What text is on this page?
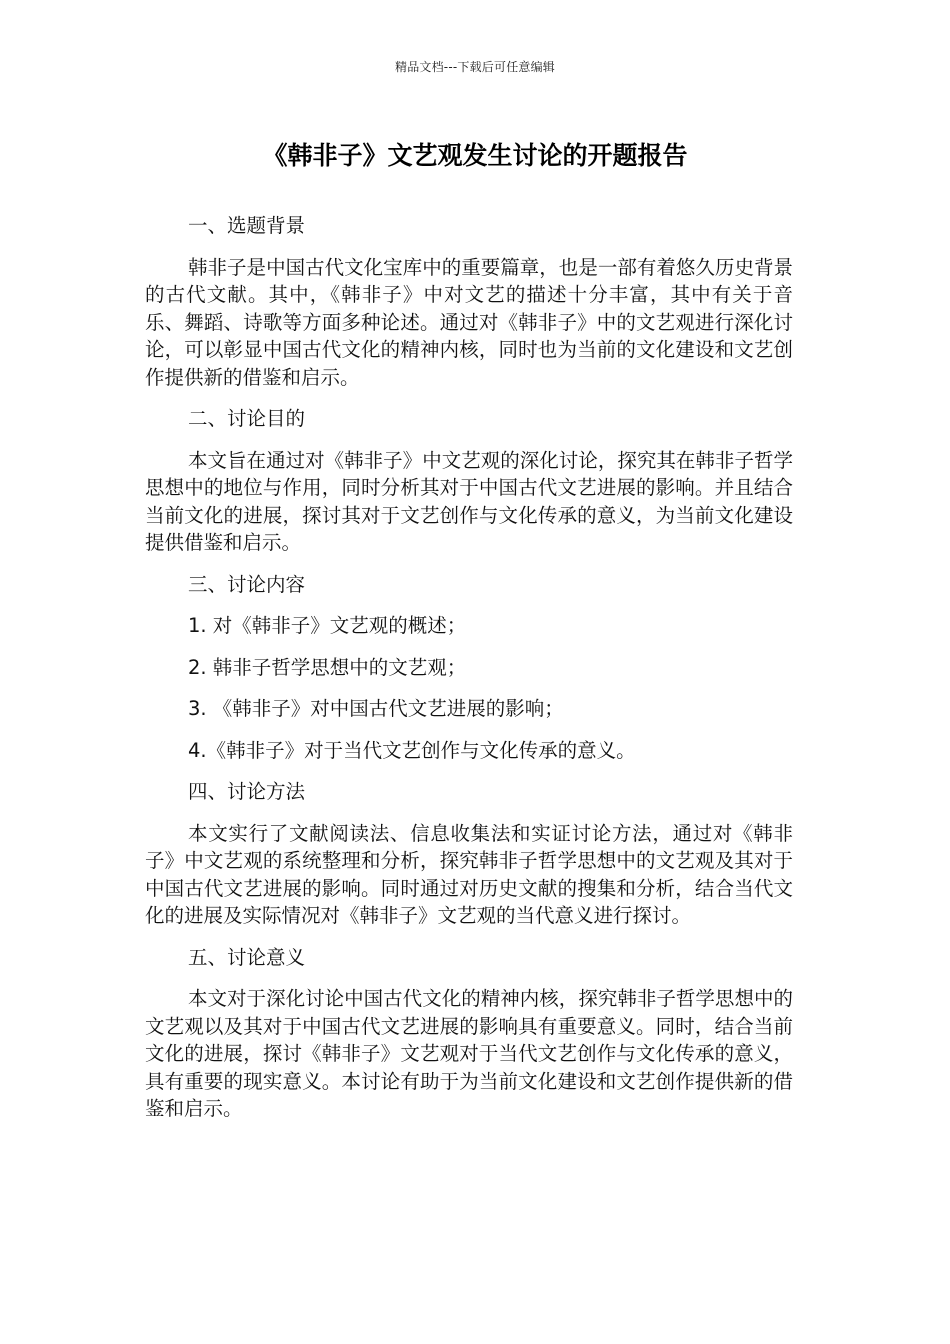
精品文档---下载后可任意编辑
《韩非子》文艺观发生讨论的开题报告

一、选题背景

韩非子是中国古代文化宝库中的重要篇章，也是一部有着悠久历史背景的古代文献。其中，《韩非子》中对文艺的描述十分丰富，其中有关于音乐、舞蹈、诗歌等方面多种论述。通过对《韩非子》中的文艺观进行深化讨论，可以彰显中国古代文化的精神内核，同时也为当前的文化建设和文艺创作提供新的借鉴和启示。

二、讨论目的

本文旨在通过对《韩非子》中文艺观的深化讨论，探究其在韩非子哲学思想中的地位与作用，同时分析其对于中国古代文艺进展的影响。并且结合当前文化的进展，探讨其对于文艺创作与文化传承的意义，为当前文化建设提供借鉴和启示。

三、讨论内容

1. 对《韩非子》文艺观的概述；

2. 韩非子哲学思想中的文艺观；

3. 《韩非子》对中国古代文艺进展的影响；

4.《韩非子》对于当代文艺创作与文化传承的意义。

四、讨论方法

本文实行了文献阅读法、信息收集法和实证讨论方法，通过对《韩非子》中文艺观的系统整理和分析，探究韩非子哲学思想中的文艺观及其对于中国古代文艺进展的影响。同时通过对历史文献的搜集和分析，结合当代文化的进展及实际情况对《韩非子》文艺观的当代意义进行探讨。

五、讨论意义

本文对于深化讨论中国古代文化的精神内核，探究韩非子哲学思想中的文艺观以及其对于中国古代文艺进展的影响具有重要意义。同时，结合当前文化的进展，探讨《韩非子》文艺观对于当代文艺创作与文化传承的意义，具有重要的现实意义。本讨论有助于为当前文化建设和文艺创作提供新的借鉴和启示。
